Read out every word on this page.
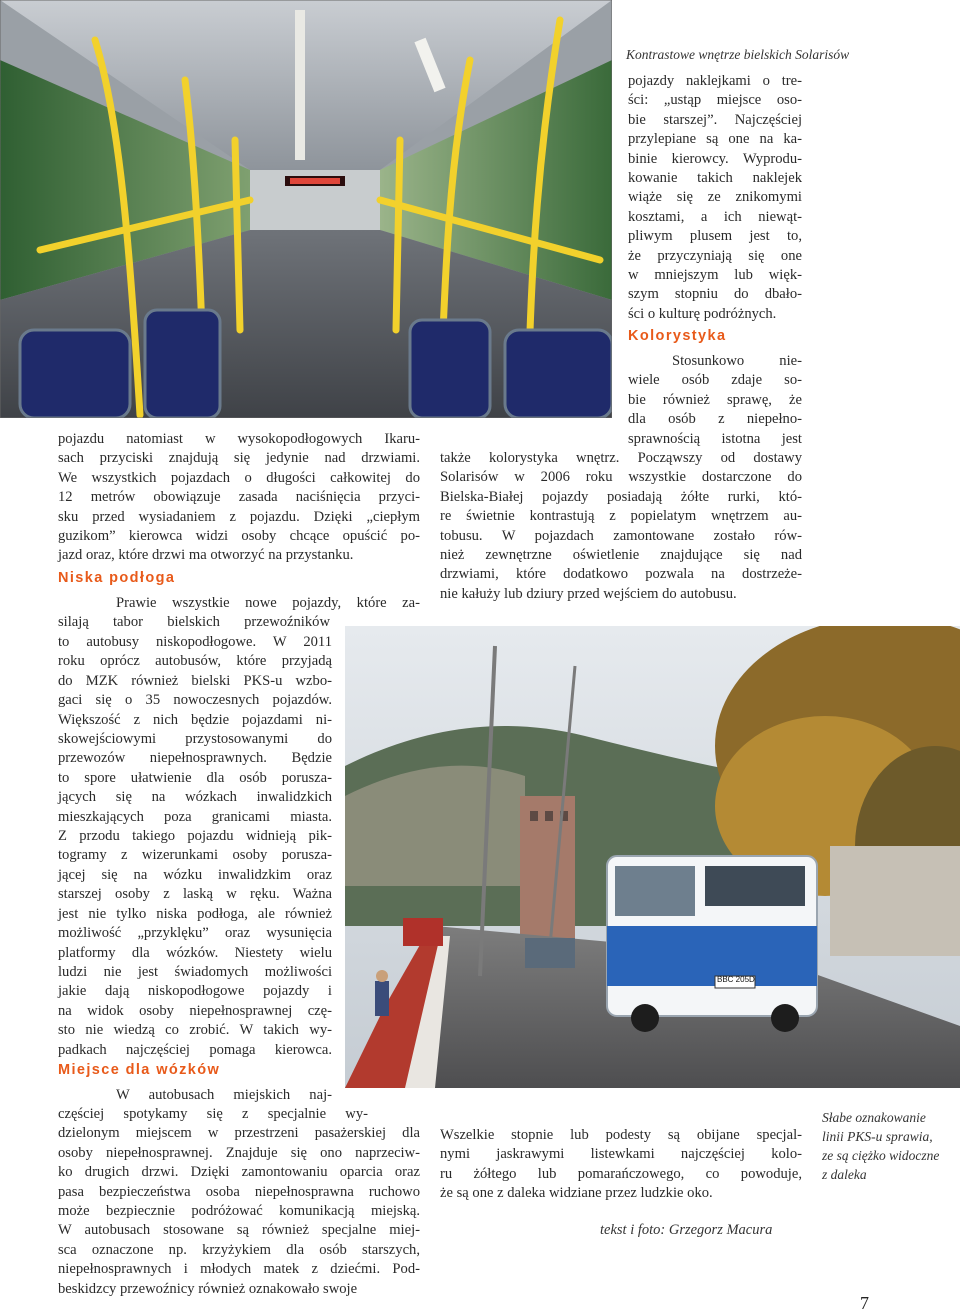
Kontrastowe wnętrze bielskich Solarisów
pojazdy naklejkami o tre-
ści: „ustąp miejsce oso-
bie starszej”. Najczęściej
przylepiane są one na ka-
binie kierowcy. Wyprodu-
kowanie takich naklejek
wiąże się ze znikomymi
kosztami, a ich niewąt-
pliwym plusem jest to,
że przyczyniają się one
w mniejszym lub więk-
szym stopniu do dbało-
ści o kulturę podróżnych.
Kolorystyka
Stosunkowo nie-
wiele osób zdaje so-
bie również sprawę, że
dla osób z niepełno-
sprawnością istotna jest
także kolorystyka wnętrz. Począwszy od dostawy
Solarisów w 2006 roku wszystkie dostarczone do
Bielska-Białej pojazdy posiadają żółte rurki, któ-
re świetnie kontrastują z popielatym wnętrzem au-
tobusu. W pojazdach zamontowane zostało rów-
nież zewnętrzne oświetlenie znajdujące się nad
drzwiami, które dodatkowo pozwala na dostrzeże-
nie kałuży lub dziury przed wejściem do autobusu.
pojazdu natomiast w wysokopodłogowych Ikaru-
sach przyciski znajdują się jedynie nad drzwiami.
We wszystkich pojazdach o długości całkowitej do
12 metrów obowiązuje zasada naciśnięcia przyci-
sku przed wysiadaniem z pojazdu. Dzięki „ciepłym
guzikom” kierowca widzi osoby chcące opuścić po-
jazd oraz, które drzwi ma otworzyć na przystanku.
Niska podłoga
Prawie wszystkie nowe pojazdy, które za-
silają tabor bielskich przewoźników
to autobusy niskopodłogowe. W 2011
roku oprócz autobusów, które przyjadą
do MZK również bielski PKS-u wzbo-
gaci się o 35 nowoczesnych pojazdów.
Większość z nich będzie pojazdami ni-
skowejściowymi przystosowanymi do
przewozów niepełnosprawnych. Będzie
to spore ułatwienie dla osób porusza-
jących się na wózkach inwalidzkich
mieszkających poza granicami miasta.
Z przodu takiego pojazdu widnieją pik-
togramy z wizerunkami osoby porusza-
jącej się na wózku inwalidzkim oraz
starszej osoby z laską w ręku. Ważna
jest nie tylko niska podłoga, ale również
możliwość „przyklęku” oraz wysunięcia
platformy dla wózków. Niestety wielu
ludzi nie jest świadomych możliwości
jakie dają niskopodłogowe pojazdy i
na widok osoby niepełnosprawnej czę-
sto nie wiedzą co zrobić. W takich wy-
padkach najczęściej pomaga kierowca.
Miejsce dla wózków
W autobusach miejskich naj-
częściej spotykamy się z specjalnie wy-
dzielonym miejscem w przestrzeni pasażerskiej dla
osoby niepełnosprawnej. Znajduje się ono naprzeciw-
ko drugich drzwi. Dzięki zamontowaniu oparcia oraz
pasa bezpieczeństwa osoba niepełnosprawna ruchowo
może bezpiecznie podróżować komunikacją miejską.
W autobusach stosowane są również specjalne miej-
sca oznaczone np. krzyżykiem dla osób starszych,
niepełnosprawnych i młodych matek z dziećmi. Pod-
beskidzcy przewoźnicy również oznakowało swoje
BBC 205D
Wszelkie stopnie lub podesty są obijane specjal-
nymi jaskrawymi listewkami najczęściej kolo-
ru żółtego lub pomarańczowego, co powoduje,
że są one z daleka widziane przez ludzkie oko.
Słabe oznakowanie
linii PKS-u sprawia,
ze są ciężko widoczne
z daleka
tekst i foto: Grzegorz Macura
7
